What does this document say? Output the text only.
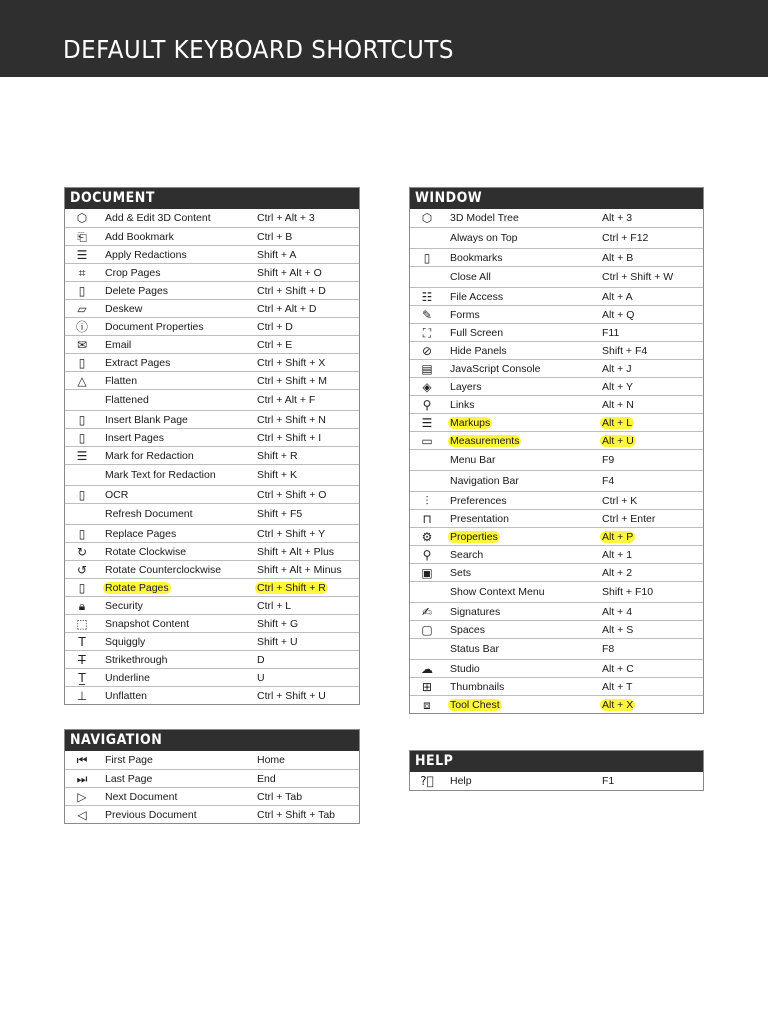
DEFAULT KEYBOARD SHORTCUTS
DOCUMENT
⬡	Add & Edit 3D Content	Ctrl + Alt + 3
⎗	Add Bookmark	Ctrl + B
☰	Apply Redactions	Shift + A
⌗	Crop Pages	Shift + Alt + O
▯	Delete Pages	Ctrl + Shift + D
▱	Deskew	Ctrl + Alt + D
ⓘ Document Properties	Ctrl + D
✉	Email	Ctrl + E
▯	Extract Pages	Ctrl + Shift + X
△	Flatten	Ctrl + Shift + M
Flattened	Ctrl + Alt + F
▯	Insert Blank Page	Ctrl + Shift + N
▯	Insert Pages	Ctrl + Shift + I
☰	Mark for Redaction	Shift + R
Mark Text for Redaction	Shift + K
▯	OCR	Ctrl + Shift + O
Refresh Document	Shift + F5
▯	Replace Pages	Ctrl + Shift + Y
↻	Rotate Clockwise	Shift + Alt + Plus
↺	Rotate Counterclockwise	Shift + Alt + Minus
▯	Rotate Pages	Ctrl + Shift + R
🔒︎	Security	Ctrl + L
⬚	Snapshot Content	Shift + G
T	Squiggly	Shift + U
T̶	Strikethrough	D
T̲	Underline	U
⊥	Unflatten	Ctrl + Shift + U
NAVIGATION
⏮︎	First Page	Home
⏭︎	Last Page	End
▷	Next Document	Ctrl + Tab
◁	Previous Document	Ctrl + Shift + Tab
WINDOW
⬡	3D Model Tree	Alt + 3
Always on Top	Ctrl + F12
▯	Bookmarks	Alt + B
Close All	Ctrl + Shift + W
☷	File Access	Alt + A
✎	Forms	Alt + Q
⛶	Full Screen	F11
⊘	Hide Panels	Shift + F4
▤	JavaScript Console	Alt + J
◈	Layers	Alt + Y
⚲	Links	Alt + N
☰	Markups	Alt + L
▭	Measurements	Alt + U
Menu Bar	F9
Navigation Bar	F4
⫶	Preferences	Ctrl + K
⊓	Presentation	Ctrl + Enter
⚙	Properties	Alt + P
⚲	Search	Alt + 1
▣	Sets	Alt + 2
Show Context Menu	Shift + F10
✍	Signatures	Alt + 4
▢	Spaces	Alt + S
Status Bar	F8
☁ Studio	Alt + C
⊞	Thumbnails	Alt + T
⧈	Tool Chest	Alt + X
HELP
?⃝ Help	F1
